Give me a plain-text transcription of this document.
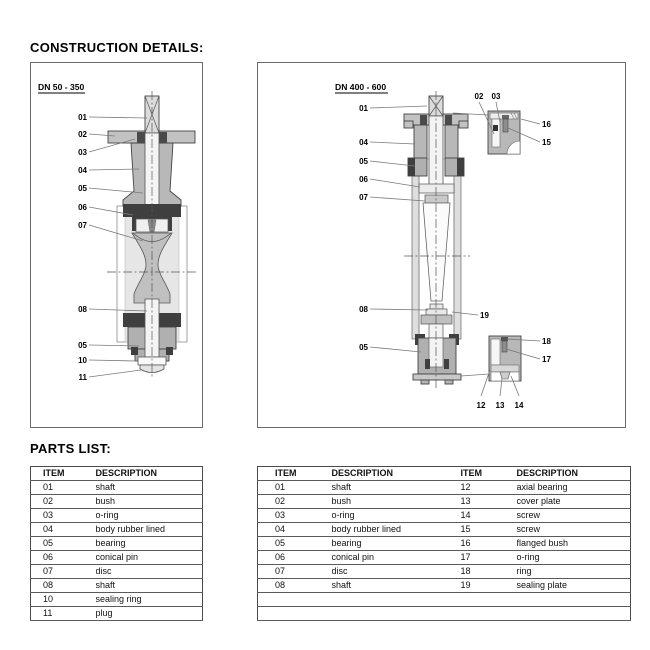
CONSTRUCTION DETAILS:
01
02
03
04
05
06
07
08
05
10
11
DN 50 - 350
01
04
05
06
07
08
05
02 03
16
15
19
18
17
12 13 14
DN 400 - 600
PARTS LIST:
ITEM	DESCRIPTION
01	shaft
02	bush
03	o-ring
04	body rubber lined
05	bearing
06	conical pin
07	disc
08	shaft
10	sealing ring
11	plug
ITEM	DESCRIPTION	ITEM	DESCRIPTION
01	shaft	12	axial bearing
02	bush	13	cover plate
03	o-ring	14	screw
04	body rubber lined	15	screw
05	bearing	16	flanged bush
06	conical pin	17	o-ring
07	disc	18	ring
08	shaft	19	sealing plate
